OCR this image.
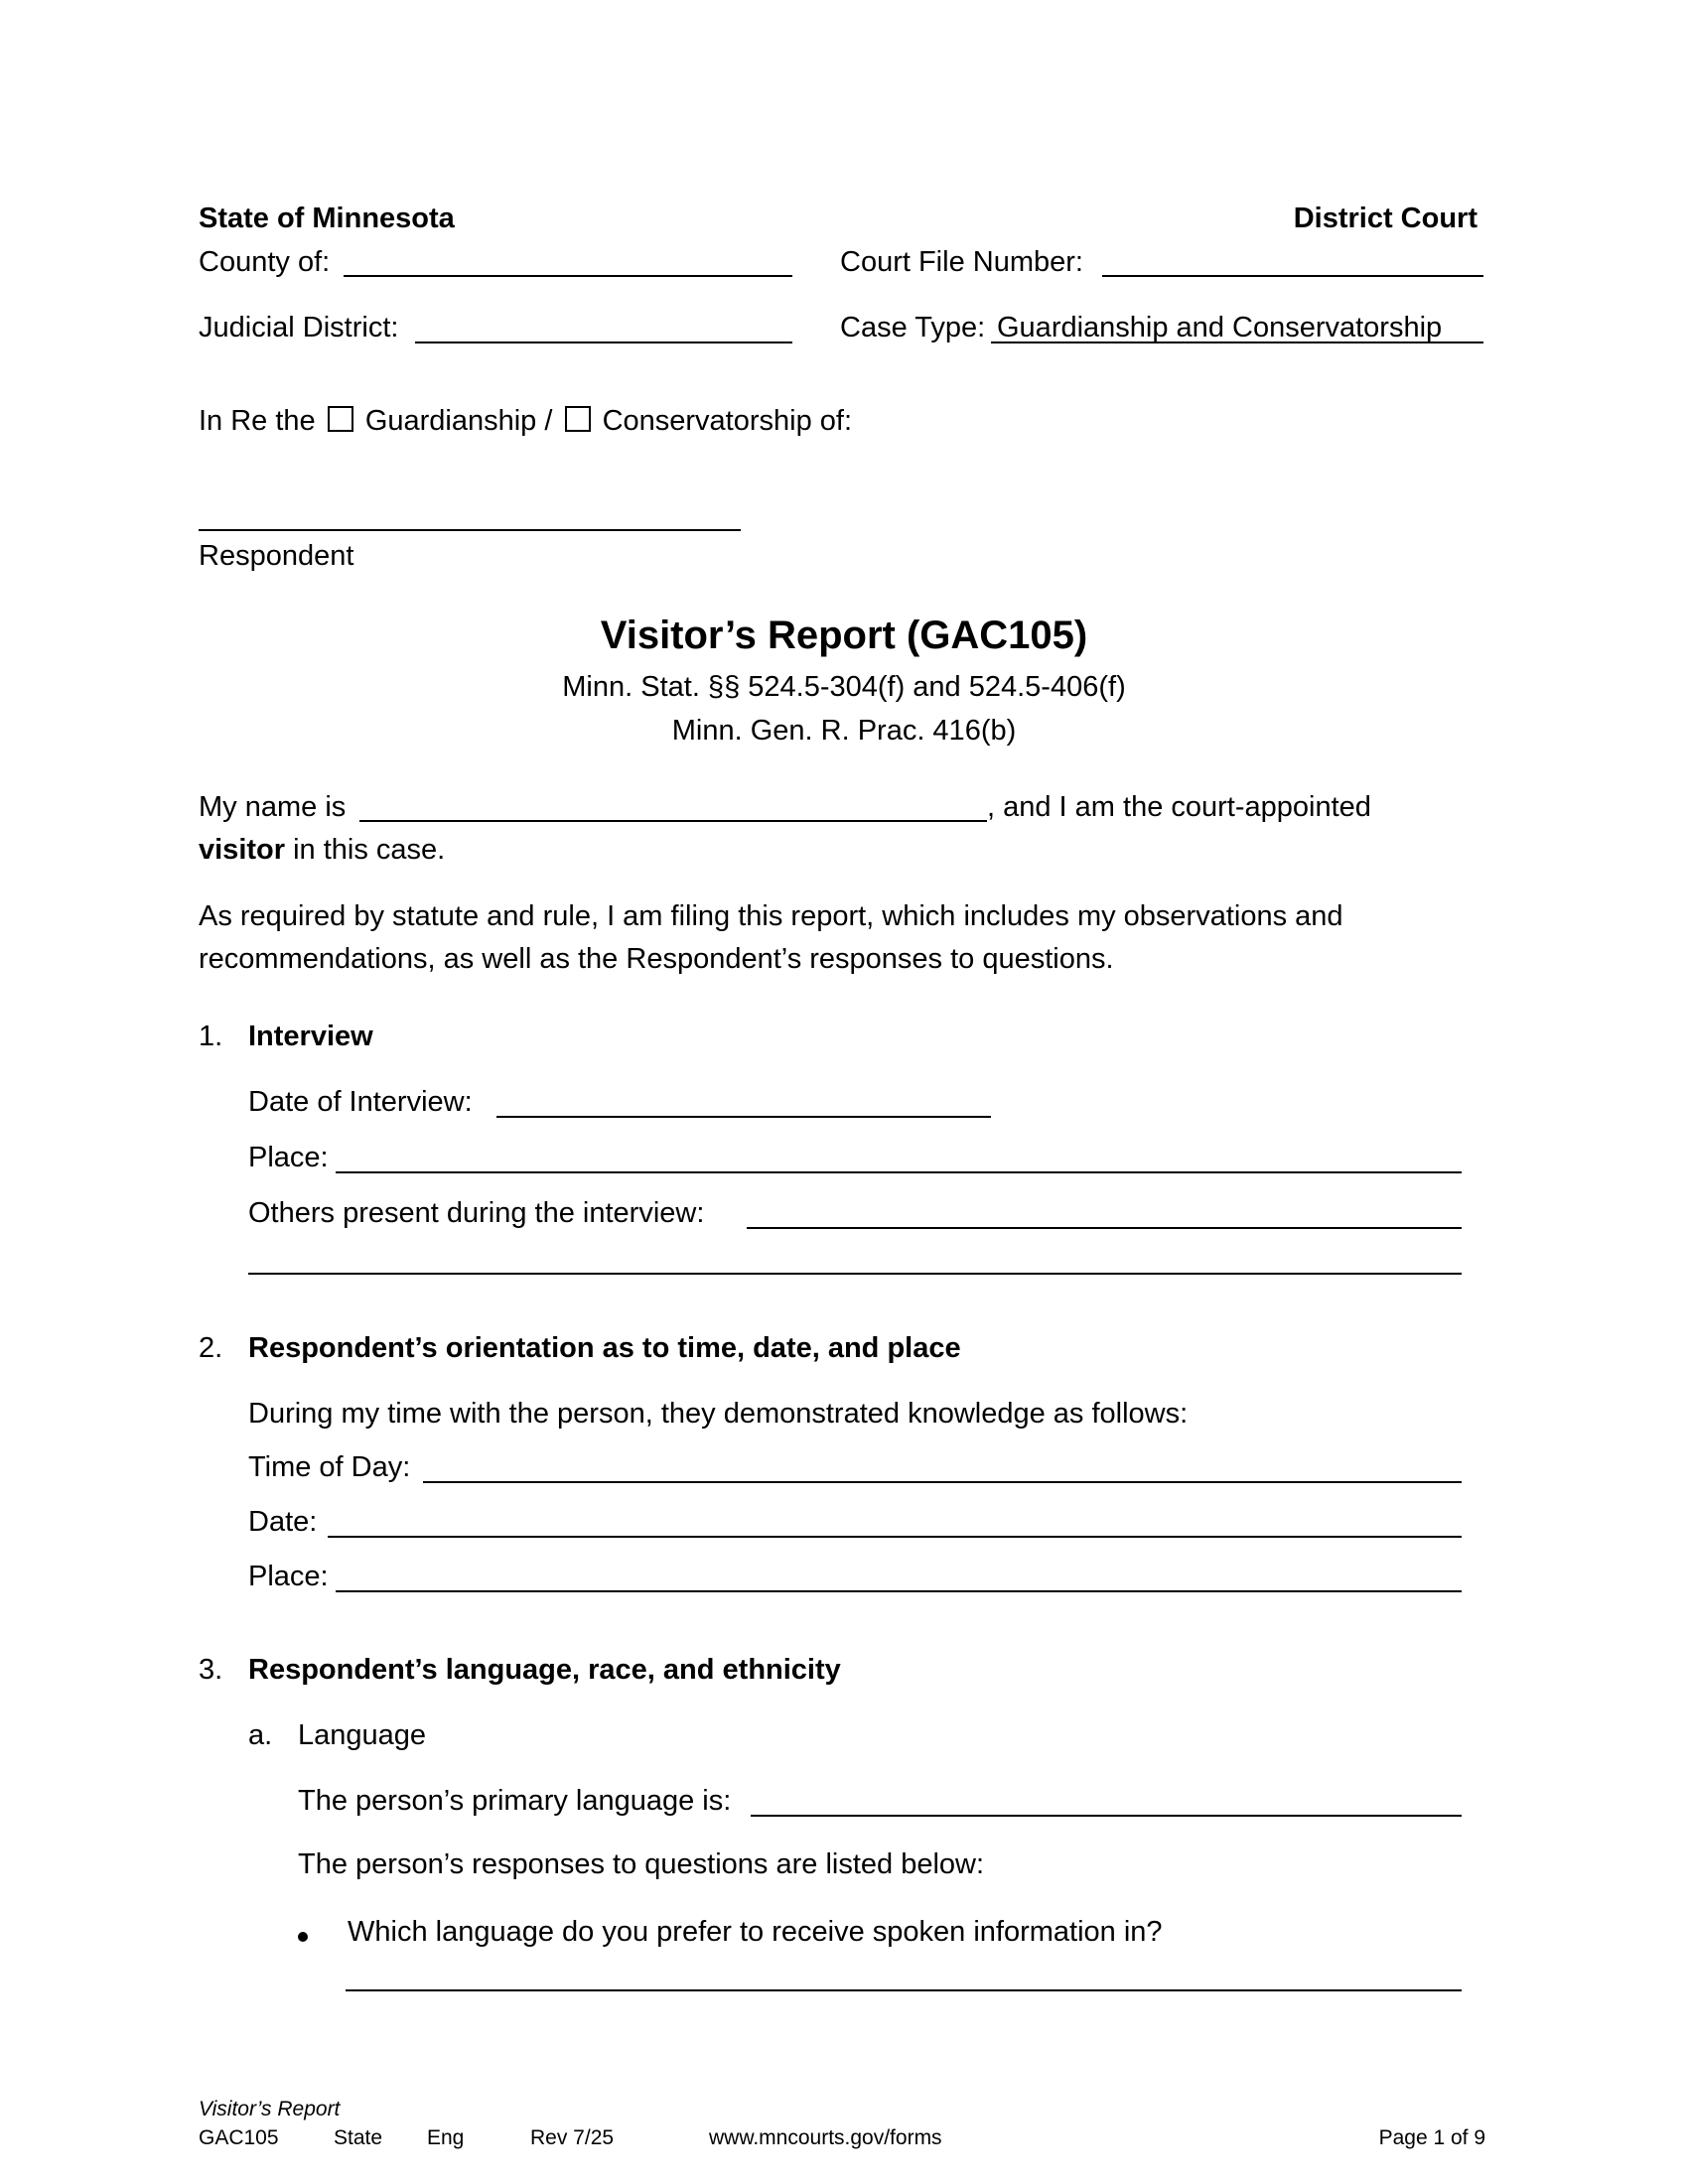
State of Minnesota	District Court
County of:	Court File Number:
Judicial District:	Case Type: Guardianship and Conservatorship
In Re the Guardianship / Conservatorship of:
Respondent
Visitor’s Report (GAC105)
Minn. Stat. §§ 524.5-304(f) and 524.5-406(f)
Minn. Gen. R. Prac. 416(b)
My name is	, and I am the court-appointed
visitor in this case.
As required by statute and rule, I am filing this report, which includes my observations and
recommendations, as well as the Respondent’s responses to questions.
1. Interview
Date of Interview:
Place:
Others present during the interview:
2. Respondent’s orientation as to time, date, and place
During my time with the person, they demonstrated knowledge as follows:
Time of Day:
Date:
Place:
3. Respondent’s language, race, and ethnicity
a. Language
The person’s primary language is:
The person’s responses to questions are listed below:
Which language do you prefer to receive spoken information in?
Visitor’s Report
GAC105	State Eng	Rev 7/25	www.mncourts.gov/forms	Page 1 of 9
